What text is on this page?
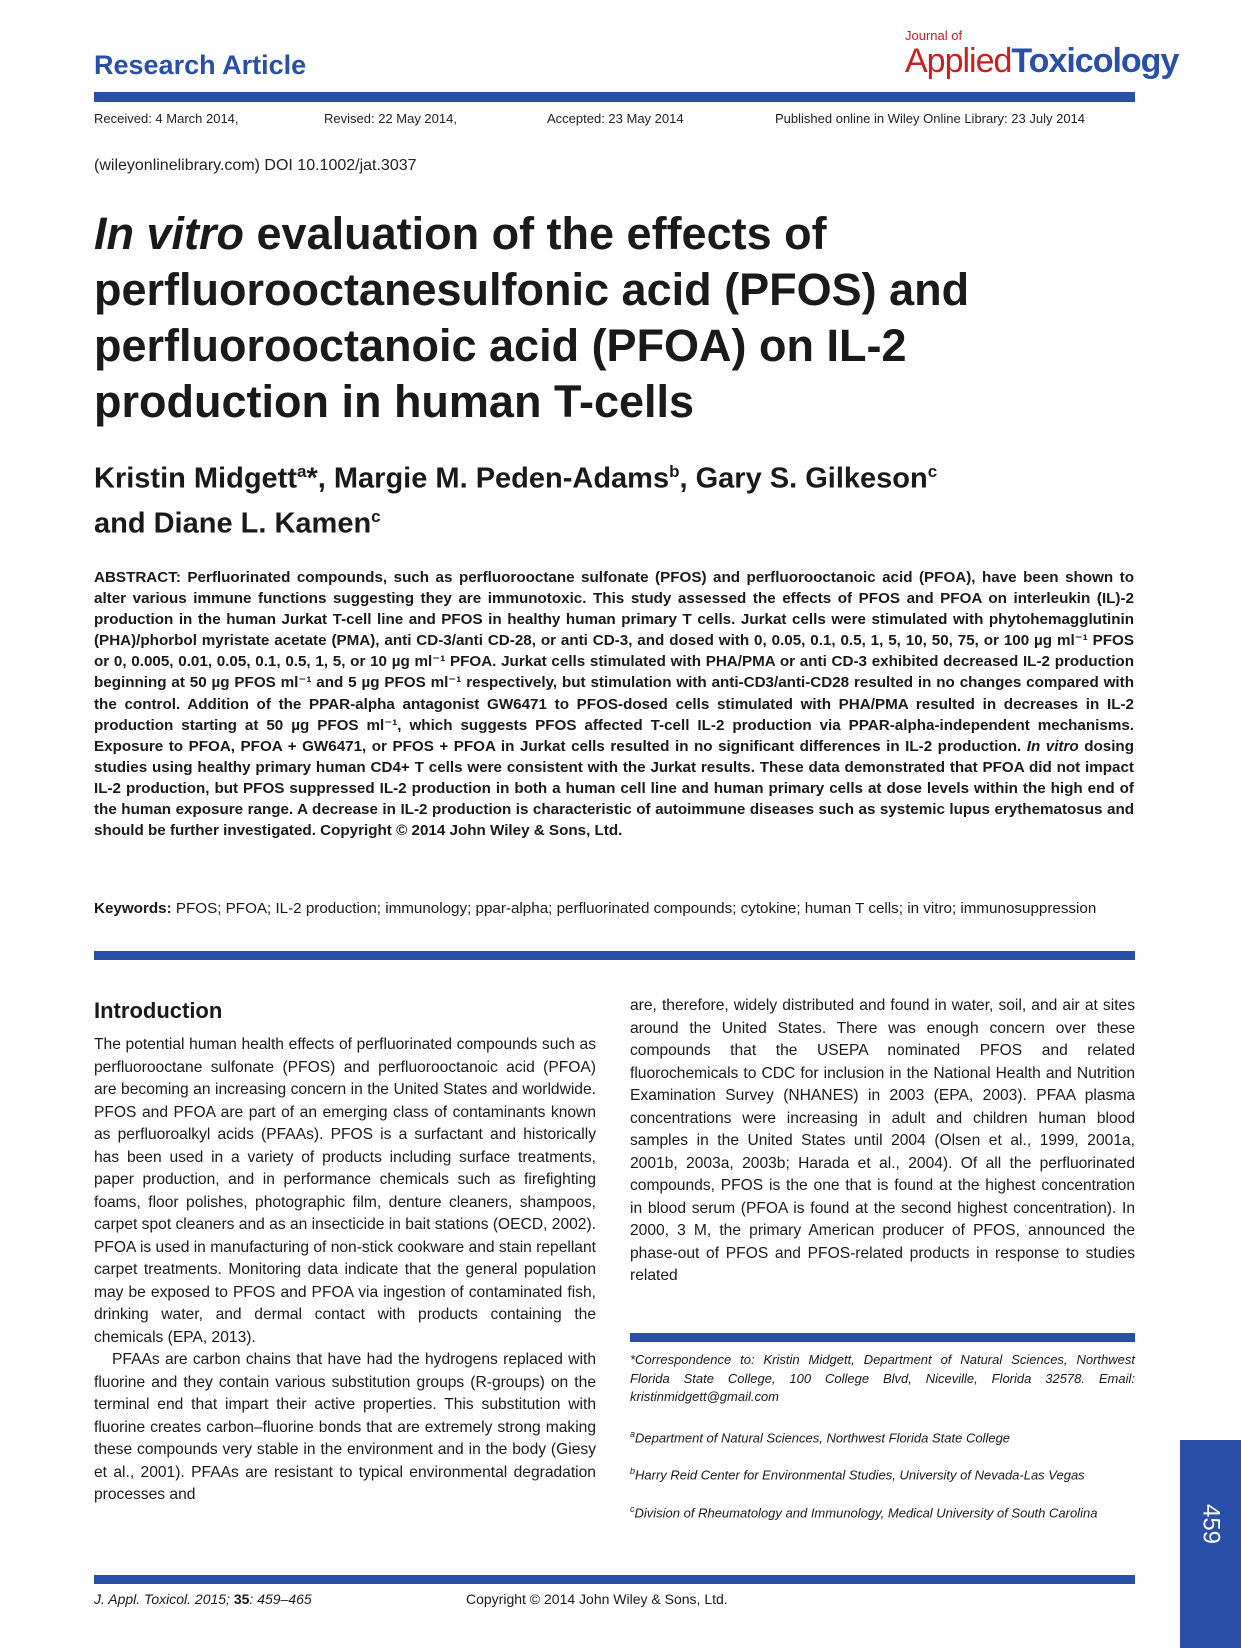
Research Article
Journal of
AppliedToxicology
Received: 4 March 2014,	Revised: 22 May 2014,	Accepted: 23 May 2014	Published online in Wiley Online Library: 23 July 2014
(wileyonlinelibrary.com) DOI 10.1002/jat.3037
In vitro evaluation of the effects of perfluorooctanesulfonic acid (PFOS) and perfluorooctanoic acid (PFOA) on IL-2 production in human T-cells
Kristin Midgett$^a$*, Margie M. Peden-Adams$^b$, Gary S. Gilkeson$^c$
and Diane L. Kamen$^c$
ABSTRACT: Perfluorinated compounds, such as perfluorooctane sulfonate (PFOS) and perfluorooctanoic acid (PFOA), have been shown to alter various immune functions suggesting they are immunotoxic. This study assessed the effects of PFOS and PFOA on interleukin (IL)-2 production in the human Jurkat T-cell line and PFOS in healthy human primary T cells. Jurkat cells were stimulated with phytohemagglutinin (PHA)/phorbol myristate acetate (PMA), anti CD-3/anti CD-28, or anti CD-3, and dosed with 0, 0.05, 0.1, 0.5, 1, 5, 10, 50, 75, or 100 µg ml⁻¹ PFOS or 0, 0.005, 0.01, 0.05, 0.1, 0.5, 1, 5, or 10 µg ml⁻¹ PFOA. Jurkat cells stimulated with PHA/PMA or anti CD-3 exhibited decreased IL-2 production beginning at 50 µg PFOS ml⁻¹ and 5 µg PFOS ml⁻¹ respectively, but stimulation with anti-CD3/anti-CD28 resulted in no changes compared with the control. Addition of the PPAR-alpha antagonist GW6471 to PFOS-dosed cells stimulated with PHA/PMA resulted in decreases in IL-2 production starting at 50 µg PFOS ml⁻¹, which suggests PFOS affected T-cell IL-2 production via PPAR-alpha-independent mechanisms. Exposure to PFOA, PFOA + GW6471, or PFOS + PFOA in Jurkat cells resulted in no significant differences in IL-2 production. In vitro dosing studies using healthy primary human CD4+ T cells were consistent with the Jurkat results. These data demonstrated that PFOA did not impact IL-2 production, but PFOS suppressed IL-2 production in both a human cell line and human primary cells at dose levels within the high end of the human exposure range. A decrease in IL-2 production is characteristic of autoimmune diseases such as systemic lupus erythematosus and should be further investigated. Copyright © 2014 John Wiley & Sons, Ltd.
Keywords: PFOS; PFOA; IL-2 production; immunology; ppar-alpha; perfluorinated compounds; cytokine; human T cells; in vitro; immunosuppression
Introduction

The potential human health effects of perfluorinated compounds such as perfluorooctane sulfonate (PFOS) and perfluorooctanoic acid (PFOA) are becoming an increasing concern in the United States and worldwide. PFOS and PFOA are part of an emerging class of contaminants known as perfluoroalkyl acids (PFAAs). PFOS is a surfactant and historically has been used in a variety of products including surface treatments, paper production, and in performance chemicals such as firefighting foams, floor polishes, photographic film, denture cleaners, shampoos, carpet spot cleaners and as an insecticide in bait stations (OECD, 2002). PFOA is used in manufacturing of non-stick cookware and stain repellant carpet treatments. Monitoring data indicate that the general population may be exposed to PFOS and PFOA via ingestion of contaminated fish, drinking water, and dermal contact with products containing the chemicals (EPA, 2013).

PFAAs are carbon chains that have had the hydrogens replaced with fluorine and they contain various substitution groups (R-groups) on the terminal end that impart their active properties. This substitution with fluorine creates carbon–fluorine bonds that are extremely strong making these compounds very stable in the environment and in the body (Giesy et al., 2001). PFAAs are resistant to typical environmental degradation processes and

are, therefore, widely distributed and found in water, soil, and air at sites around the United States. There was enough concern over these compounds that the USEPA nominated PFOS and related fluorochemicals to CDC for inclusion in the National Health and Nutrition Examination Survey (NHANES) in 2003 (EPA, 2003). PFAA plasma concentrations were increasing in adult and children human blood samples in the United States until 2004 (Olsen et al., 1999, 2001a, 2001b, 2003a, 2003b; Harada et al., 2004). Of all the perfluorinated compounds, PFOS is the one that is found at the highest concentration in blood serum (PFOA is found at the second highest concentration). In 2000, 3 M, the primary American producer of PFOS, announced the phase-out of PFOS and PFOS-related products in response to studies related

*Correspondence to: Kristin Midgett, Department of Natural Sciences, Northwest Florida State College, 100 College Blvd, Niceville, Florida 32578. Email: kristinmidgett@gmail.com
$^a$Department of Natural Sciences, Northwest Florida State College
$^b$Harry Reid Center for Environmental Studies, University of Nevada-Las Vegas
$^c$Division of Rheumatology and Immunology, Medical University of South Carolina
J. Appl. Toxicol. 2015; 35: 459–465	Copyright © 2014 John Wiley & Sons, Ltd.
459
